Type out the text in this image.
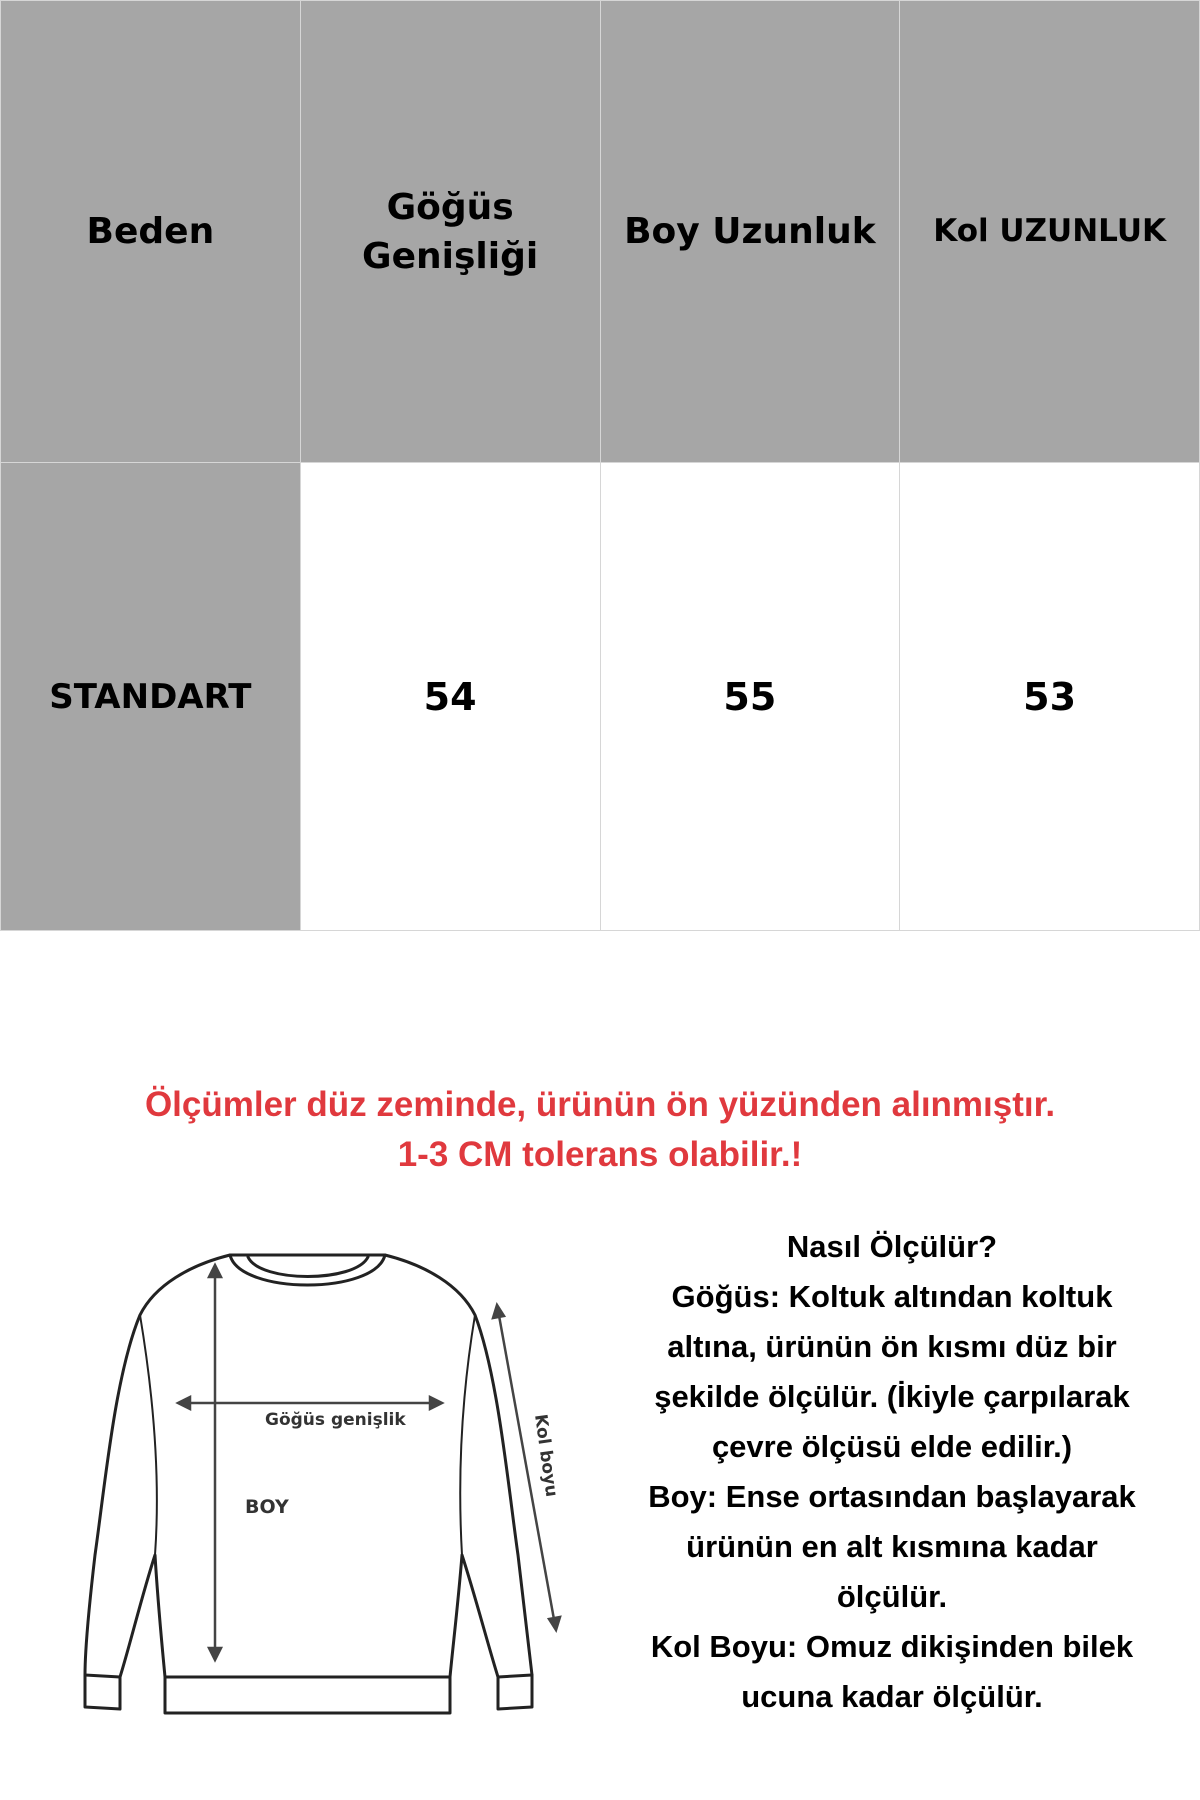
Beden	Göğüs Genişliği	Boy Uzunluk	Kol UZUNLUK
STANDART	54	55	53
Ölçümler düz zeminde, ürünün ön yüzünden alınmıştır.
1-3 CM tolerans olabilir.!
Göğüs genişlik
BOY
Kol boyu
Nasıl Ölçülür?
Göğüs: Koltuk altından koltuk
altına, ürünün ön kısmı düz bir
şekilde ölçülür. (İkiyle çarpılarak
çevre ölçüsü elde edilir.)
Boy: Ense ortasından başlayarak
ürünün en alt kısmına kadar
ölçülür.
Kol Boyu: Omuz dikişinden bilek
ucuna kadar ölçülür.
